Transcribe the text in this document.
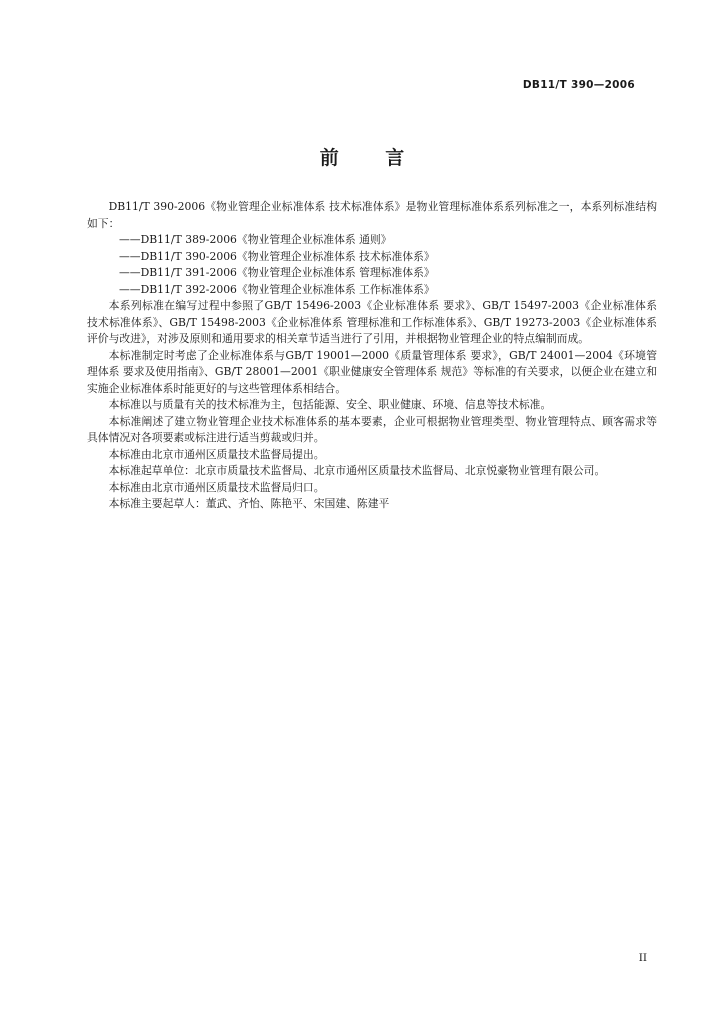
DB11/T 390—2006
前 言

DB11/T 390-2006《物业管理企业标准体系 技术标准体系》是物业管理标准体系系列标准之一，本系列标准结构如下：

——DB11/T 389-2006《物业管理企业标准体系 通则》
——DB11/T 390-2006《物业管理企业标准体系 技术标准体系》
——DB11/T 391-2006《物业管理企业标准体系 管理标准体系》
——DB11/T 392-2006《物业管理企业标准体系 工作标准体系》

本系列标准在编写过程中参照了GB/T 15496-2003《企业标准体系 要求》、GB/T 15497-2003《企业标准体系 技术标准体系》、GB/T 15498-2003《企业标准体系 管理标准和工作标准体系》、GB/T 19273-2003《企业标准体系 评价与改进》，对涉及原则和通用要求的相关章节适当进行了引用，并根据物业管理企业的特点编制而成。

本标准制定时考虑了企业标准体系与GB/T 19001—2000《质量管理体系 要求》，GB/T 24001—2004《环境管理体系 要求及使用指南》、GB/T 28001—2001《职业健康安全管理体系 规范》等标准的有关要求，以便企业在建立和实施企业标准体系时能更好的与这些管理体系相结合。

本标准以与质量有关的技术标准为主，包括能源、安全、职业健康、环境、信息等技术标准。

本标准阐述了建立物业管理企业技术标准体系的基本要素，企业可根据物业管理类型、物业管理特点、顾客需求等具体情况对各项要素或标注进行适当剪裁或归并。

本标准由北京市通州区质量技术监督局提出。

本标准起草单位：北京市质量技术监督局、北京市通州区质量技术监督局、北京悦豪物业管理有限公司。

本标准由北京市通州区质量技术监督局归口。

本标准主要起草人：董武、齐怡、陈艳平、宋国建、陈建平

II
